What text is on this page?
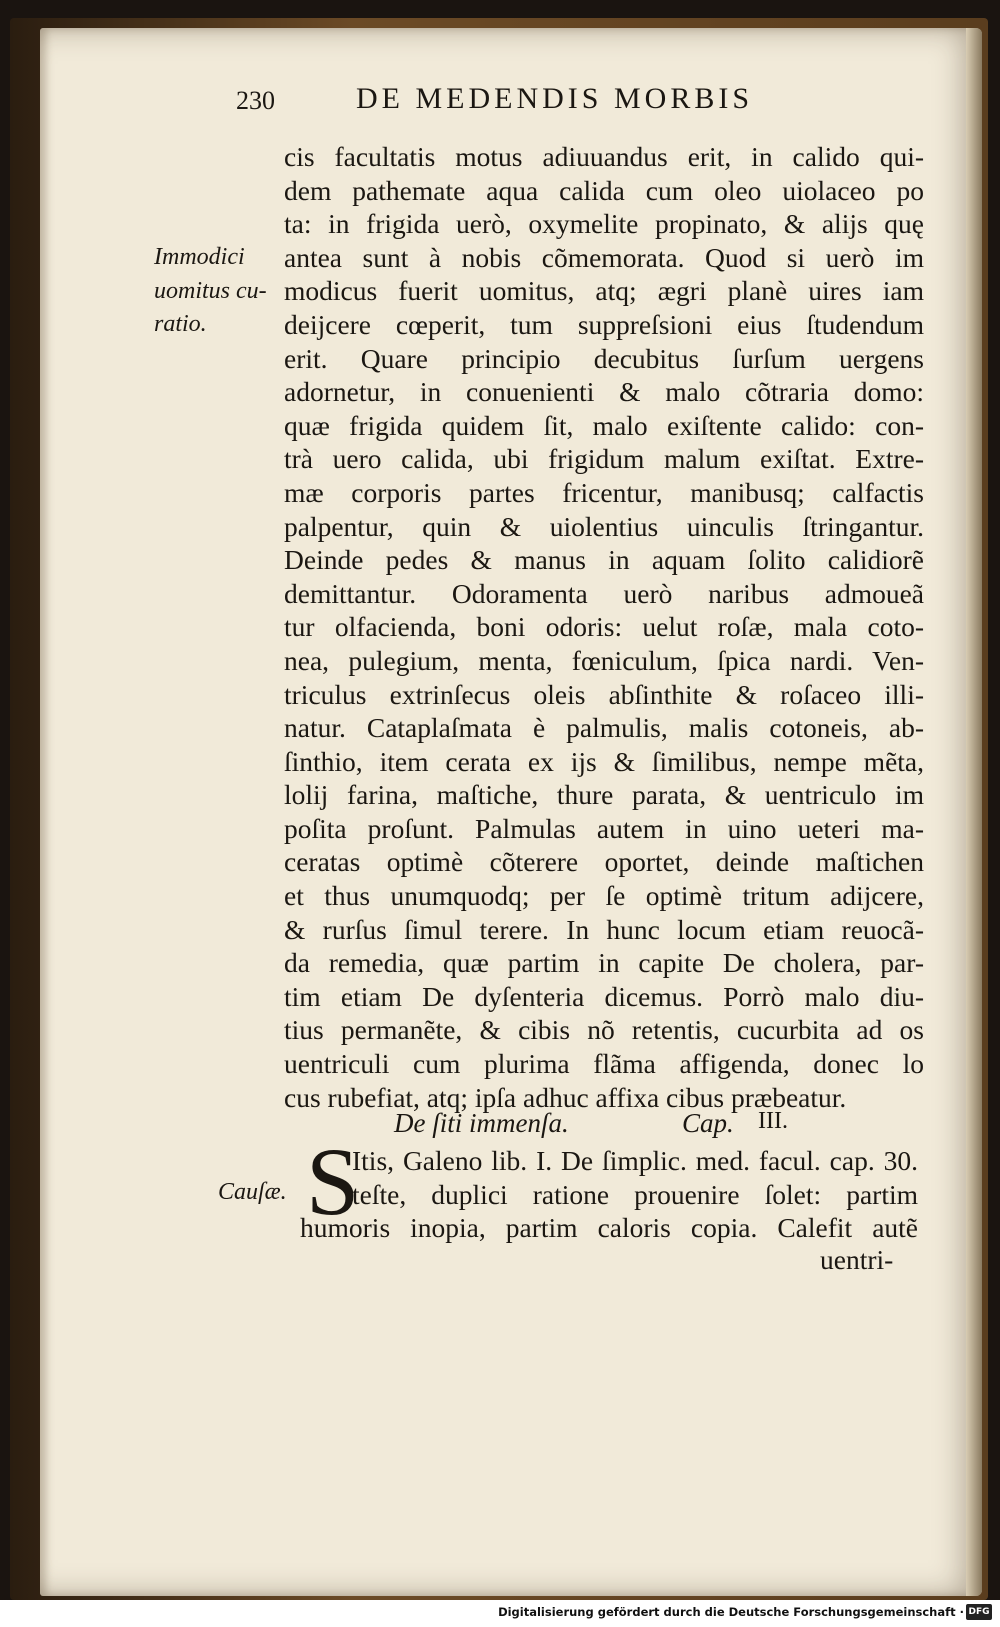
230	DE MEDENDIS MORBIS
cis facultatis motus adiuuandus erit, in calido qui-
dem pathemate aqua calida cum oleo uiolaceo po
ta: in frigida uerò, oxymelite propinato, & alijs quę
antea sunt à nobis cõmemorata. Quod si uerò im
modicus fuerit uomitus, atq; ægri planè uires iam
deijcere cœperit, tum suppreſsioni eius ſtudendum
erit. Quare principio decubitus ſurſum uergens
adornetur, in conuenienti & malo cõtraria domo:
quæ frigida quidem ſit, malo exiſtente calido: con-
trà uero calida, ubi frigidum malum exiſtat. Extre-
mæ corporis partes fricentur, manibusq; calfactis
palpentur, quin & uiolentius uinculis ſtringantur.
Deinde pedes & manus in aquam ſolito calidiorẽ
demittantur. Odoramenta uerò naribus admoueã
tur olfacienda, boni odoris: uelut roſæ, mala coto-
nea, pulegium, menta, fœniculum, ſpica nardi. Ven-
triculus extrinſecus oleis abſinthite & roſaceo illi-
natur. Cataplaſmata è palmulis, malis cotoneis, ab-
ſinthio, item cerata ex ijs & ſimilibus, nempe mẽta,
lolij farina, maſtiche, thure parata, & uentriculo im
poſita proſunt. Palmulas autem in uino ueteri ma-
ceratas optimè cõterere oportet, deinde maſtichen
et thus unumquodq; per ſe optimè tritum adijcere,
& rurſus ſimul terere. In hunc locum etiam reuocã-
da remedia, quæ partim in capite De cholera, par-
tim etiam De dyſenteria dicemus. Porrò malo diu-
tius permanẽte, & cibis nõ retentis, cucurbita ad os
uentriculi cum plurima flãma affigenda, donec lo
cus rubefiat, atq; ipſa adhuc affixa cibus præbeatur.
Immodici
uomitus cu-
ratio.
Cauſæ.
De ſiti immenſa.	Cap. III.
S
Itis, Galeno lib. I. De ſimplic. med. facul. cap. 30.
teſte, duplici ratione prouenire ſolet: partim
humoris inopia, partim caloris copia. Calefit autẽ
uentri-
Digitalisierung gefördert durch die Deutsche Forschungsgemeinschaft · DFG
